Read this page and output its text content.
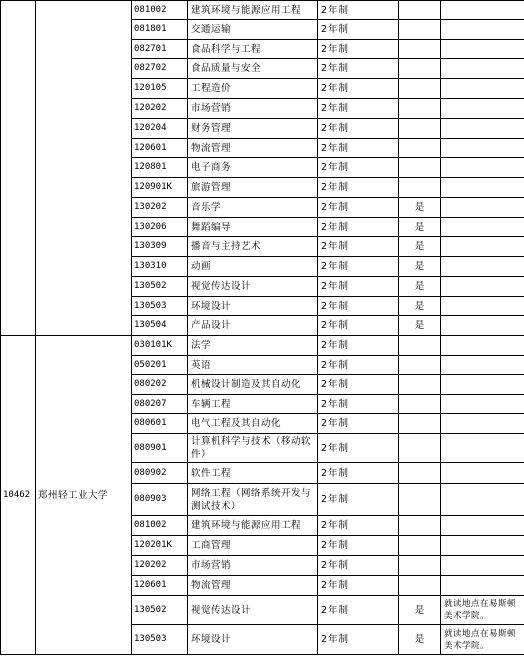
		081002	建筑环境与能源应用工程	2年制		
		081801	交通运输	2年制		
		082701	食品科学与工程	2年制		
		082702	食品质量与安全	2年制		
		120105	工程造价	2年制		
		120202	市场营销	2年制		
		120204	财务管理	2年制		
		120601	物流管理	2年制		
		120801	电子商务	2年制		
		120901K	旅游管理	2年制		
		130202	音乐学	2年制	是	
		130206	舞蹈编导	2年制	是	
		130309	播音与主持艺术	2年制	是	
		130310	动画	2年制	是	
		130502	视觉传达设计	2年制	是	
		130503	环境设计	2年制	是	
		130504	产品设计	2年制	是	
10462	郑州轻工业大学	030101K	法学	2年制		
		050201	英语	2年制		
		080202	机械设计制造及其自动化	2年制		
		080207	车辆工程	2年制		
		080601	电气工程及其自动化	2年制		
		080901	计算机科学与技术（移动软件）	2年制		
		080902	软件工程	2年制		
		080903	网络工程（网络系统开发与测试技术）	2年制		
		081002	建筑环境与能源应用工程	2年制		
		120201K	工商管理	2年制		
		120202	市场营销	2年制		
		120601	物流管理	2年制		
		130502	视觉传达设计	2年制	是	就读地点在易斯顿美术学院。
		130503	环境设计	2年制	是	就读地点在易斯顿美术学院。
